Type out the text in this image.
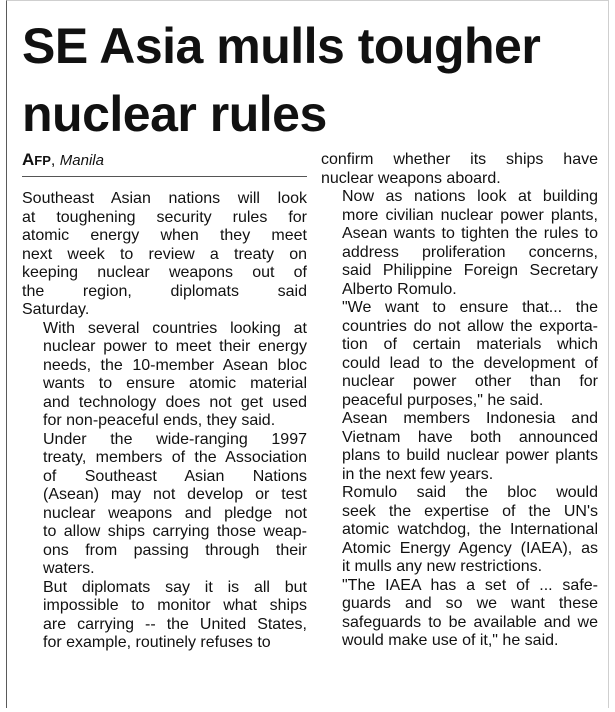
SE Asia mulls tougher
nuclear rules
AFP, Manila

Southeast Asian nations will look
at toughening security rules for
atomic energy when they meet
next week to review a treaty on
keeping nuclear weapons out of
the region, diplomats said
Saturday.

With several countries looking at
nuclear power to meet their energy
needs, the 10-member Asean bloc
wants to ensure atomic material
and technology does not get used
for non-peaceful ends, they said.

Under the wide-ranging 1997
treaty, members of the Association
of Southeast Asian Nations
(Asean) may not develop or test
nuclear weapons and pledge not
to allow ships carrying those weap-
ons from passing through their
waters.

But diplomats say it is all but
impossible to monitor what ships
are carrying -- the United States,
for example, routinely refuses to

confirm whether its ships have
nuclear weapons aboard.

Now as nations look at building
more civilian nuclear power plants,
Asean wants to tighten the rules to
address proliferation concerns,
said Philippine Foreign Secretary
Alberto Romulo.

"We want to ensure that... the
countries do not allow the exporta-
tion of certain materials which
could lead to the development of
nuclear power other than for
peaceful purposes," he said.

Asean members Indonesia and
Vietnam have both announced
plans to build nuclear power plants
in the next few years.

Romulo said the bloc would
seek the expertise of the UN's
atomic watchdog, the International
Atomic Energy Agency (IAEA), as
it mulls any new restrictions.

"The IAEA has a set of ... safe-
guards and so we want these
safeguards to be available and we
would make use of it," he said.
